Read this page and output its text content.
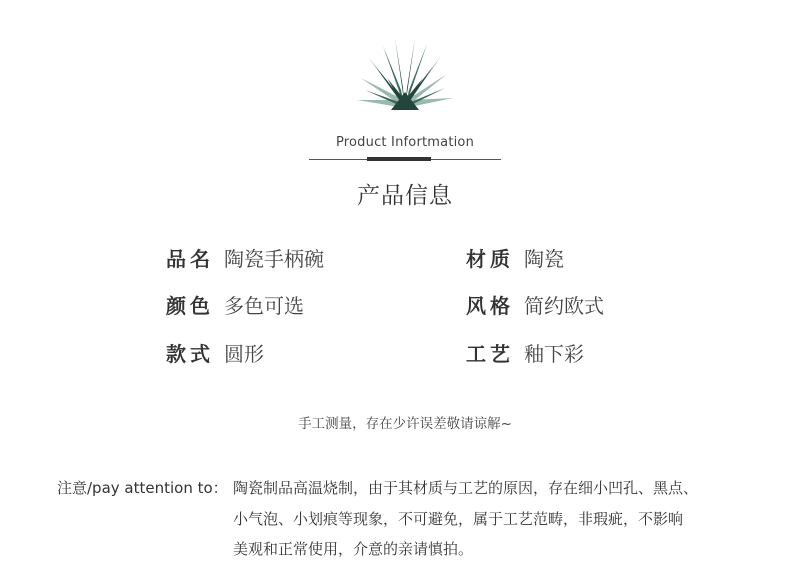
Product Infortmation
产品信息
品名 陶瓷手柄碗	材质 陶瓷
颜色 多色可选	风格 简约欧式
款式 圆形	工艺 釉下彩
手工测量，存在少许误差敬请谅解~
注意/pay attention to： 陶瓷制品高温烧制，由于其材质与工艺的原因，存在细小凹孔、黑点、
小气泡、小划痕等现象，不可避免，属于工艺范畴，非瑕疵，不影响
美观和正常使用，介意的亲请慎拍。
